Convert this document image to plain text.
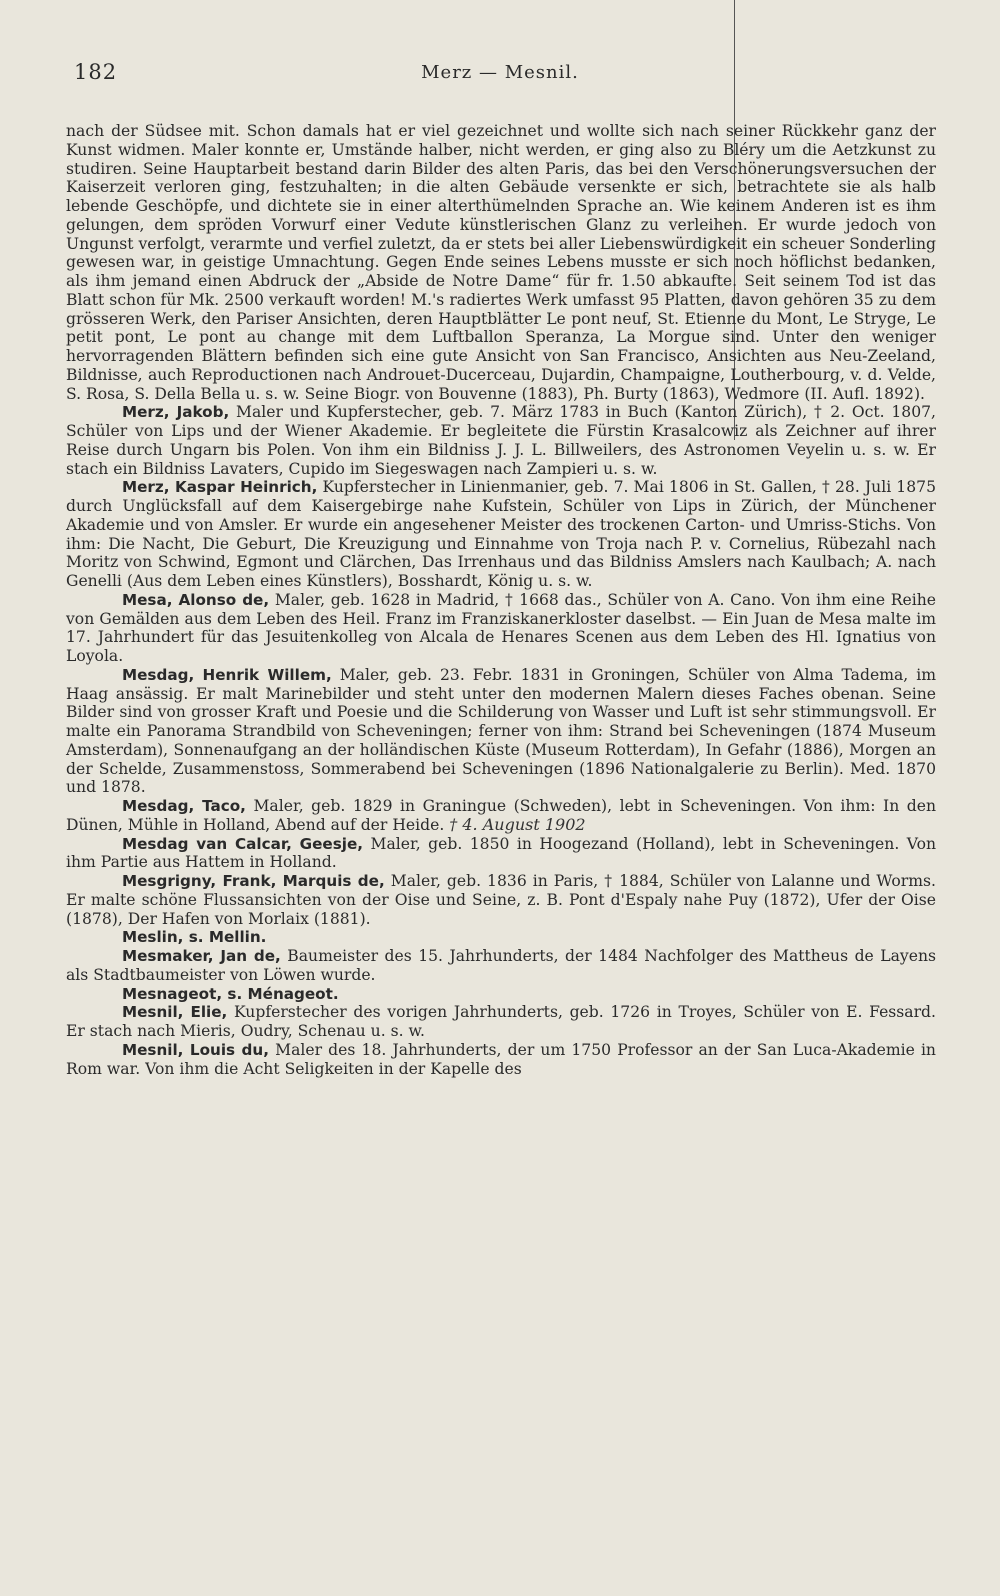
182	Merz — Mesnil.

nach der Südsee mit. Schon damals hat er viel gezeichnet und wollte sich nach seiner Rückkehr ganz der Kunst widmen. Maler konnte er, Umstände halber, nicht werden, er ging also zu Bléry um die Aetzkunst zu studiren. Seine Hauptarbeit bestand darin Bilder des alten Paris, das bei den Verschönerungsversuchen der Kaiserzeit verloren ging, festzuhalten; in die alten Gebäude versenkte er sich, betrachtete sie als halb lebende Geschöpfe, und dichtete sie in einer alterthümelnden Sprache an. Wie keinem Anderen ist es ihm gelungen, dem spröden Vorwurf einer Vedute künstlerischen Glanz zu verleihen. Er wurde jedoch von Ungunst verfolgt, verarmte und verfiel zuletzt, da er stets bei aller Liebenswürdigkeit ein scheuer Sonderling gewesen war, in geistige Umnachtung. Gegen Ende seines Lebens musste er sich noch höflichst bedanken, als ihm jemand einen Abdruck der „Abside de Notre Dame“ für fr. 1.50 abkaufte. Seit seinem Tod ist das Blatt schon für Mk. 2500 verkauft worden! M.'s radiertes Werk umfasst 95 Platten, davon gehören 35 zu dem grösseren Werk, den Pariser Ansichten, deren Hauptblätter Le pont neuf, St. Etienne du Mont, Le Stryge, Le petit pont, Le pont au change mit dem Luftballon Speranza, La Morgue sind. Unter den weniger hervorragenden Blättern befinden sich eine gute Ansicht von San Francisco, Ansichten aus Neu-Zeeland, Bildnisse, auch Reproductionen nach Androuet-Ducerceau, Dujardin, Champaigne, Loutherbourg, v. d. Velde, S. Rosa, S. Della Bella u. s. w. Seine Biogr. von Bouvenne (1883), Ph. Burty (1863), Wedmore (II. Aufl. 1892).

Merz, Jakob, Maler und Kupferstecher, geb. 7. März 1783 in Buch (Kanton Zürich), † 2. Oct. 1807, Schüler von Lips und der Wiener Akademie. Er begleitete die Fürstin Krasalcowiz als Zeichner auf ihrer Reise durch Ungarn bis Polen. Von ihm ein Bildniss J. J. L. Billweilers, des Astronomen Veyelin u. s. w. Er stach ein Bildniss Lavaters, Cupido im Siegeswagen nach Zampieri u. s. w.

Merz, Kaspar Heinrich, Kupferstecher in Linienmanier, geb. 7. Mai 1806 in St. Gallen, † 28. Juli 1875 durch Unglücksfall auf dem Kaisergebirge nahe Kufstein, Schüler von Lips in Zürich, der Münchener Akademie und von Amsler. Er wurde ein angesehener Meister des trockenen Carton- und Umriss-Stichs. Von ihm: Die Nacht, Die Geburt, Die Kreuzigung und Einnahme von Troja nach P. v. Cornelius, Rübezahl nach Moritz von Schwind, Egmont und Clärchen, Das Irrenhaus und das Bildniss Amslers nach Kaulbach; A. nach Genelli (Aus dem Leben eines Künstlers), Bosshardt, König u. s. w.

Mesa, Alonso de, Maler, geb. 1628 in Madrid, † 1668 das., Schüler von A. Cano. Von ihm eine Reihe von Gemälden aus dem Leben des Heil. Franz im Franziskanerkloster daselbst. — Ein Juan de Mesa malte im 17. Jahrhundert für das Jesuitenkolleg von Alcala de Henares Scenen aus dem Leben des Hl. Ignatius von Loyola.

Mesdag, Henrik Willem, Maler, geb. 23. Febr. 1831 in Groningen, Schüler von Alma Tadema, im Haag ansässig. Er malt Marinebilder und steht unter den modernen Malern dieses Faches obenan. Seine Bilder sind von grosser Kraft und Poesie und die Schilderung von Wasser und Luft ist sehr stimmungsvoll. Er malte ein Panorama Strandbild von Scheveningen; ferner von ihm: Strand bei Scheveningen (1874 Museum Amsterdam), Sonnenaufgang an der holländischen Küste (Museum Rotterdam), In Gefahr (1886), Morgen an der Schelde, Zusammenstoss, Sommerabend bei Scheveningen (1896 Nationalgalerie zu Berlin). Med. 1870 und 1878.

Mesdag, Taco, Maler, geb. 1829 in Graningue (Schweden), lebt in Scheveningen. Von ihm: In den Dünen, Mühle in Holland, Abend auf der Heide. † 4. August 1902

Mesdag van Calcar, Geesje, Maler, geb. 1850 in Hoogezand (Holland), lebt in Scheveningen. Von ihm Partie aus Hattem in Holland.

Mesgrigny, Frank, Marquis de, Maler, geb. 1836 in Paris, † 1884, Schüler von Lalanne und Worms. Er malte schöne Flussansichten von der Oise und Seine, z. B. Pont d'Espaly nahe Puy (1872), Ufer der Oise (1878), Der Hafen von Morlaix (1881).

Meslin, s. Mellin.

Mesmaker, Jan de, Baumeister des 15. Jahrhunderts, der 1484 Nachfolger des Mattheus de Layens als Stadtbaumeister von Löwen wurde.

Mesnageot, s. Ménageot.

Mesnil, Elie, Kupferstecher des vorigen Jahrhunderts, geb. 1726 in Troyes, Schüler von E. Fessard. Er stach nach Mieris, Oudry, Schenau u. s. w.

Mesnil, Louis du, Maler des 18. Jahrhunderts, der um 1750 Professor an der San Luca-Akademie in Rom war. Von ihm die Acht Seligkeiten in der Kapelle des
